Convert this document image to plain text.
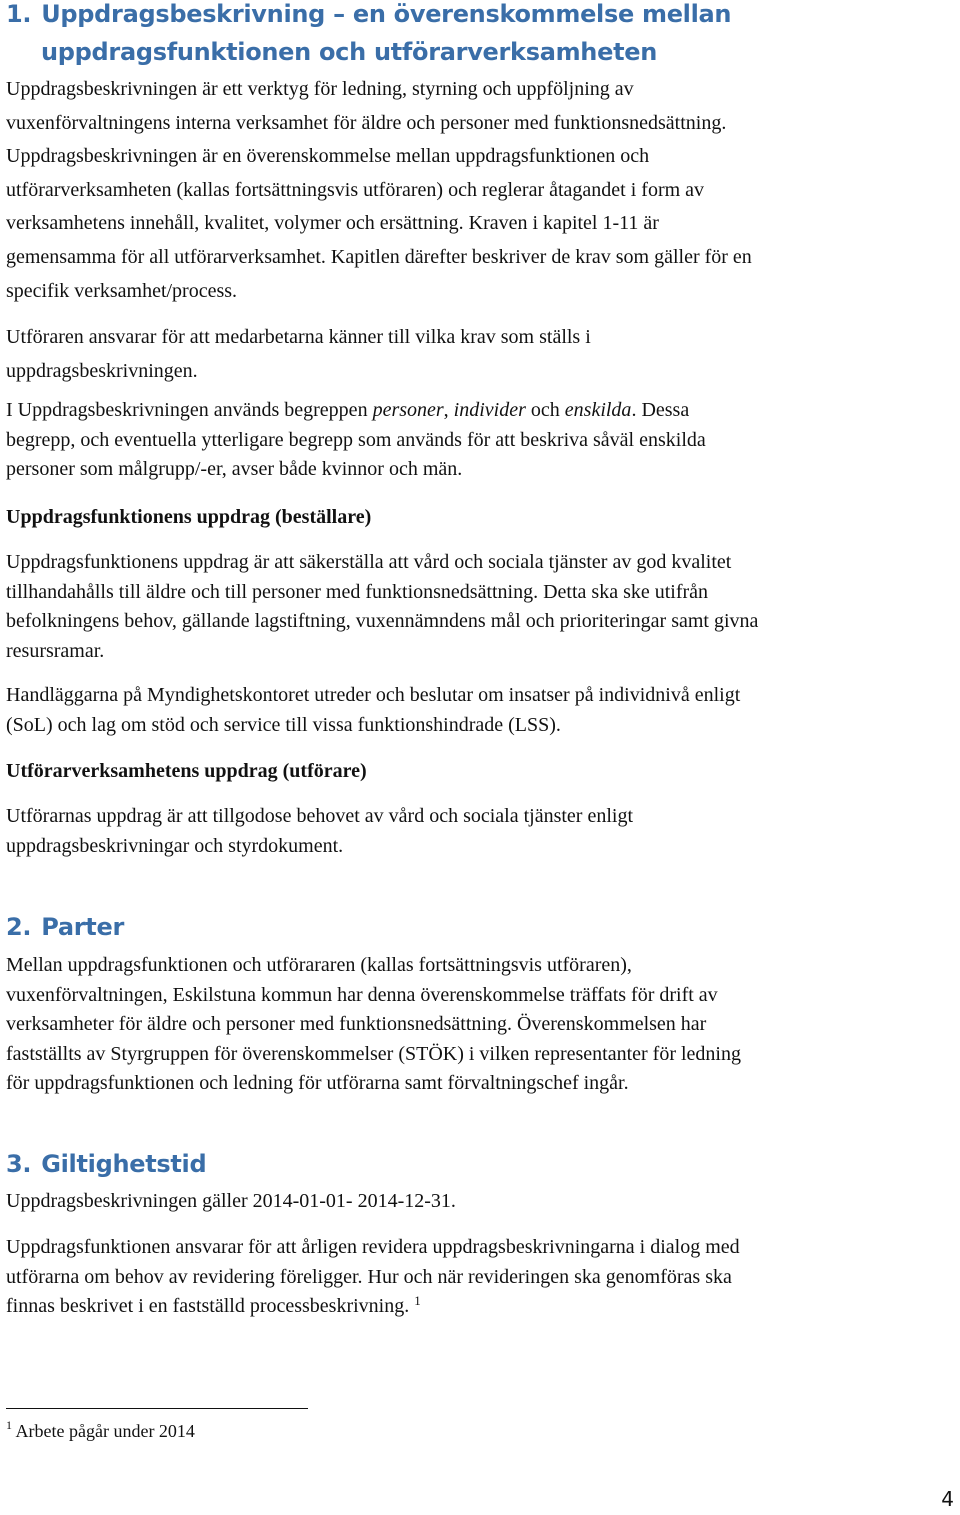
1. Uppdragsbeskrivning – en överenskommelse mellan
uppdragsfunktionen och utförarverksamheten
Uppdragsbeskrivningen är ett verktyg för ledning, styrning och uppföljning av
vuxenförvaltningens interna verksamhet för äldre och personer med funktionsnedsättning.
Uppdragsbeskrivningen är en överenskommelse mellan uppdragsfunktionen och
utförarverksamheten (kallas fortsättningsvis utföraren) och reglerar åtagandet i form av
verksamhetens innehåll, kvalitet, volymer och ersättning. Kraven i kapitel 1-11 är
gemensamma för all utförarverksamhet. Kapitlen därefter beskriver de krav som gäller för en
specifik verksamhet/process.
Utföraren ansvarar för att medarbetarna känner till vilka krav som ställs i
uppdragsbeskrivningen.
I Uppdragsbeskrivningen används begreppen personer, individer och enskilda. Dessa
begrepp, och eventuella ytterligare begrepp som används för att beskriva såväl enskilda
personer som målgrupp/-er, avser både kvinnor och män.
Uppdragsfunktionens uppdrag (beställare)
Uppdragsfunktionens uppdrag är att säkerställa att vård och sociala tjänster av god kvalitet
tillhandahålls till äldre och till personer med funktionsnedsättning. Detta ska ske utifrån
befolkningens behov, gällande lagstiftning, vuxennämndens mål och prioriteringar samt givna
resursramar.
Handläggarna på Myndighetskontoret utreder och beslutar om insatser på individnivå enligt
(SoL) och lag om stöd och service till vissa funktionshindrade (LSS).
Utförarverksamhetens uppdrag (utförare)
Utförarnas uppdrag är att tillgodose behovet av vård och sociala tjänster enligt
uppdragsbeskrivningar och styrdokument.
2. Parter
Mellan uppdragsfunktionen och utförararen (kallas fortsättningsvis utföraren),
vuxenförvaltningen, Eskilstuna kommun har denna överenskommelse träffats för drift av
verksamheter för äldre och personer med funktionsnedsättning. Överenskommelsen har
fastställts av Styrgruppen för överenskommelser (STÖK) i vilken representanter för ledning
för uppdragsfunktionen och ledning för utförarna samt förvaltningschef ingår.
3. Giltighetstid
Uppdragsbeskrivningen gäller 2014-01-01- 2014-12-31.
Uppdragsfunktionen ansvarar för att årligen revidera uppdragsbeskrivningarna i dialog med
utförarna om behov av revidering föreligger. Hur och när revideringen ska genomföras ska
finnas beskrivet i en fastställd processbeskrivning. $^1$
$^1$ Arbete pågår under 2014
4
